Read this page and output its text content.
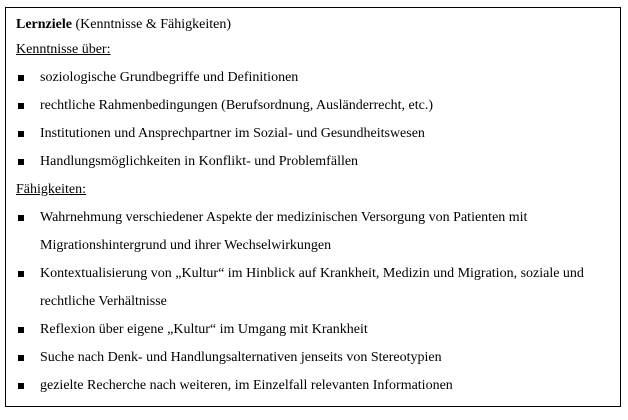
Lernziele (Kenntnisse & Fähigkeiten)
Kenntnisse über:
soziologische Grundbegriffe und Definitionen
rechtliche Rahmenbedingungen (Berufsordnung, Ausländerrecht, etc.)
Institutionen und Ansprechpartner im Sozial- und Gesundheitswesen
Handlungsmöglichkeiten in Konflikt- und Problemfällen
Fähigkeiten:
Wahrnehmung verschiedener Aspekte der medizinischen Versorgung von Patienten mit Migrationshintergrund und ihrer Wechselwirkungen
Kontextualisierung von „Kultur“ im Hinblick auf Krankheit, Medizin und Migration, soziale und rechtliche Verhältnisse
Reflexion über eigene „Kultur“ im Umgang mit Krankheit
Suche nach Denk- und Handlungsalternativen jenseits von Stereotypien
gezielte Recherche nach weiteren, im Einzelfall relevanten Informationen
